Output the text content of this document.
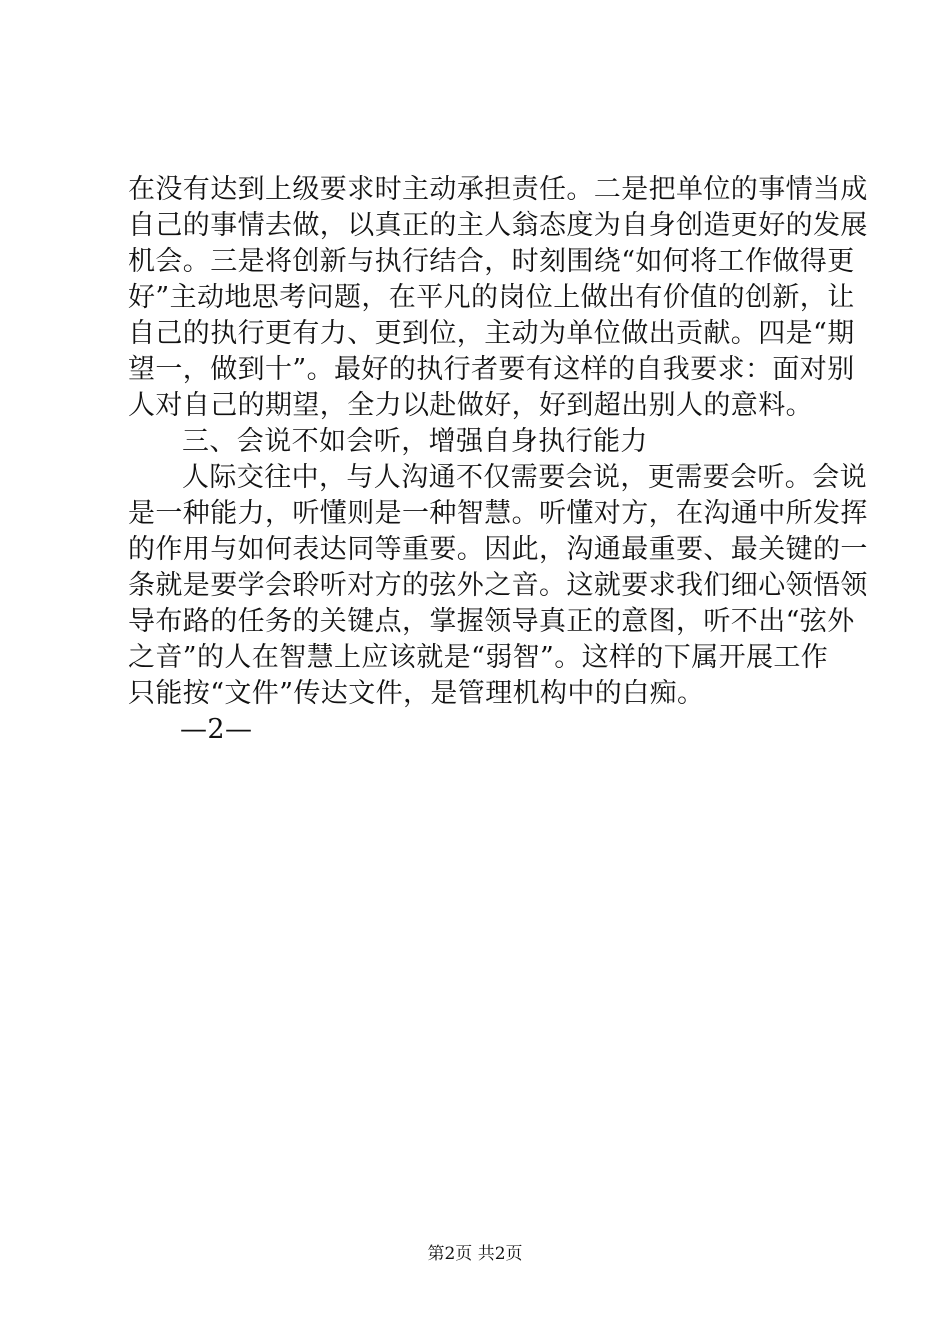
在没有达到上级要求时主动承担责任。二是把单位的事情当成
自己的事情去做，以真正的主人翁态度为自身创造更好的发展
机会。三是将创新与执行结合，时刻围绕“如何将工作做得更
好”主动地思考问题，在平凡的岗位上做出有价值的创新，让
自己的执行更有力、更到位，主动为单位做出贡献。四是“期
望一，做到十”。最好的执行者要有这样的自我要求：面对别
人对自己的期望，全力以赴做好，好到超出别人的意料。
三、会说不如会听，增强自身执行能力
人际交往中，与人沟通不仅需要会说，更需要会听。会说
是一种能力，听懂则是一种智慧。听懂对方，在沟通中所发挥
的作用与如何表达同等重要。因此，沟通最重要、最关键的一
条就是要学会聆听对方的弦外之音。这就要求我们细心领悟领
导布路的任务的关键点，掌握领导真正的意图，听不出“弦外
之音”的人在智慧上应该就是“弱智”。这样的下属开展工作
只能按“文件”传达文件，是管理机构中的白痴。
—2—
第2页 共2页
